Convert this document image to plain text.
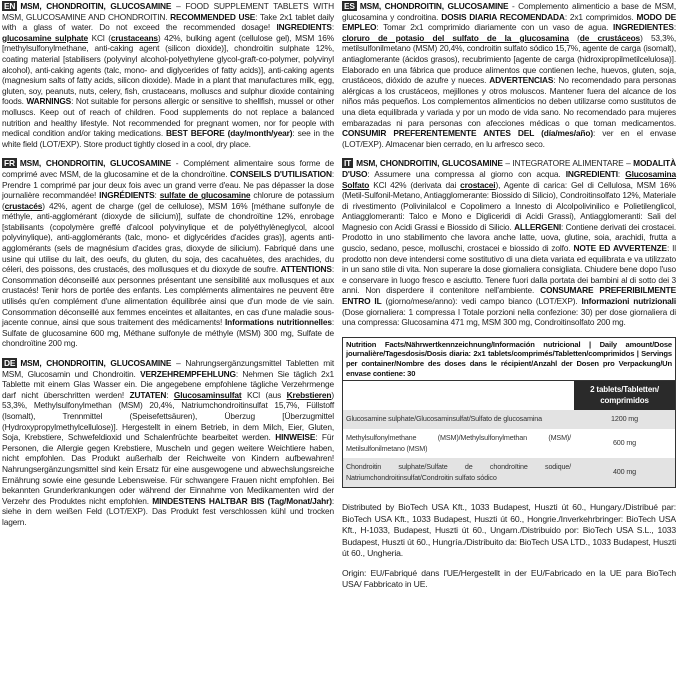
EN MSM, CHONDROITIN, GLUCOSAMINE – FOOD SUPPLEMENT TABLETS WITH MSM, GLUCOSAMINE AND CHONDROITIN. RECOMMENDED USE: Take 2x1 tablet daily with a glass of water. Do not exceed the recommended dosage! INGREDIENTS: glucosamine sulphate KCl (crustaceans) 42%, bulking agent (cellulose gel), MSM 16% [methylsulfonylmethane, anti-caking agent (silicon dioxide)], chondroitin sulphate 12%, coating material [stabilisers (polyvinyl alcohol-polyethylene glycol-graft-co-polymer, polyvinyl alcohol), anti-caking agents (talc, mono- and diglycerides of fatty acids)], anti-caking agents (magnesium salts of fatty acids, silicon dioxide). Made in a plant that manufactures milk, egg, gluten, soy, peanuts, nuts, celery, fish, crustaceans, molluscs and sulphur dioxide containing foods. WARNINGS: Not suitable for persons allergic or sensitive to shellfish, mussel or other molluscs. Keep out of reach of children. Food supplements do not replace a balanced nutrition and healthy lifestyle. Not recommended for pregnant women, nor for people with medical condition and/or taking medications. BEST BEFORE (day/month/year): see in the white field (LOT/EXP). Store product tightly closed in a cool, dry place.

FR MSM, CHONDROITIN, GLUCOSAMINE - Complément alimentaire sous forme de comprimé avec MSM, de la glucosamine et de la chondroïtine. CONSEILS D'UTILISATION: Prendre 1 comprimé par jour deux fois avec un grand verre d'eau. Ne pas dépasser la dose journalière recommandée! INGRÉDIENTS: sulfate de glucosamine chlorure de potassium (crustacés) 42%, agent de charge (gel de cellulose), MSM 16% [méthane sulfonyle de méthyle, anti-agglomérant (dioxyde de silicium)], sulfate de chondroïtine 12%, enrobage [stabilisants (copolymère greffé d'alcool polyvinylique et de polyéthylèneglycol, alcool polyvinylique), anti-agglomérants (talc, mono- et diglycérides d'acides gras)], agents anti-agglomérants (sels de magnésium d'acides gras, dioxyde de silicium). Fabriqué dans une usine qui utilise du lait, des oeufs, du gluten, du soja, des cacahuètes, des arachides, du céleri, des poissons, des crustacés, des mollusques et du dioxyde de soufre. ATTENTIONS: Consommation déconseillé aux personnes présentant une sensibilité aux mollusques et aux crustacés! Tenir hors de portée des enfants. Les compléments alimentaires ne peuvent être utilisés qu'en complément d'une alimentation équilibrée ainsi que d'un mode de vie sain. Consommation déconseillé aux femmes enceintes et allaitantes, en cas d'une maladie sous-jacente connue, ainsi que sous traitement des médicaments! Informations nutritionnelles: Sulfate de glucosamine 600 mg, Méthane sulfonyle de méthyle (MSM) 300 mg, Sulfate de chondroïtine 200 mg.

DE MSM, CHONDROITIN, GLUCOSAMINE – Nahrungsergänzungsmittel Tabletten mit MSM, Glucosamin und Chondroitin. VERZEHREMPFEHLUNG: Nehmen Sie täglich 2x1 Tablette mit einem Glas Wasser ein. Die angegebene empfohlene tägliche Verzehrmenge darf nicht überschritten werden! ZUTATEN: Glucosaminsulfat KCl (aus Krebstieren) 53,3%, Methylsulfonylmethan (MSM) 20,4%, Natriumchondroitinsulfat 15,7%, Füllstoff (Isomalt), Trennmittel (Speisefettsäuren), Überzug [Überzugmittel (Hydroxypropylmethylcellulose)]. Hergestellt in einem Betrieb, in dem Milch, Eier, Gluten, Soja, Krebstiere, Schwefeldioxid und Schalenfrüchte bearbeitet werden. HINWEISE: Für Personen, die Allergie gegen Krebstiere, Muscheln und gegen weitere Weichtiere haben, nicht empfohlen. Das Produkt außerhalb der Reichweite von Kindern aufbewahren! Nahrungsergänzungsmittel sind kein Ersatz für eine ausgewogene und abwechslungsreiche Ernährung sowie eine gesunde Lebensweise. Für schwangere Frauen nicht empfohlen. Bei bekannten Grunderkrankungen oder während der Einnahme von Medikamenten wird der Verzehr des Produktes nicht empfohlen. MINDESTENS HALTBAR BIS (Tag/Monat/Jahr): siehe in dem weißen Feld (LOT/EXP). Das Produkt fest verschlossen kühl und trocken lagern.

ES MSM, CHONDROITIN, GLUCOSAMINE - Complemento alimenticio a base de MSM, glucosamina y condroitina. DOSIS DIARIA RECOMENDADA: 2x1 comprimidos. MODO DE EMPLEO: Tomar 2x1 comprimido diariamente con un vaso de agua. INGREDIENTES: cloruro de potasio del sulfato de la glucosamina (de crustáceos) 53,3%, metilsulfonilmetano (MSM) 20,4%, condroitin sulfato sódico 15,7%, agente de carga (isomalt), antiaglomerante (ácidos grasos), recubrimiento [agente de carga (hidroxipropilmetilcelulosa)]. Elaborado en una fábrica que produce alimentos que contienen leche, huevos, gluten, soja, crustáceos, dióxido de azufre y nueces. ADVERTENCIAS: No recomendado para personas alérgicas a los crustáceos, mejillones y otros moluscos. Mantener fuera del alcance de los niños más pequeños. Los complementos alimenticios no deben utilizarse como sustitutos de una dieta equilibrada y variada y por un modo de vida sano. No recomendado para mujeres embarazadas ni para personas con afecciones médicas o que toman medicamentos. CONSUMIR PREFERENTEMENTE ANTES DEL (día/mes/año): ver en el envase (LOT/EXP). Almacenar bien cerrado, en lu arfresco seco.

IT MSM, CHONDROITIN, GLUCOSAMINE – INTEGRATORE ALIMENTARE – MODALITÀ D'USO: Assumere una compressa al giorno con acqua. INGREDIENTI: Glucosamina Solfato KCl 42% (derivata dai crostacei), Agente di carica: Gel di Cellulosa, MSM 16% (Metil-Sulfonil-Metano, Antiagglomerante: Biossido di Silicio), Condroitinsolfato 12%, Materiale di rivestimento (Polivinilalcol e Copolimero a Innesto di Alcolpolivinilico e Polietilenglicol, Antiagglomeranti: Talco e Mono e Digliceridi di Acidi Grassi), Antiagglomeranti: Sali del Magnesio con Acidi Grassi e Biossido di Silicio. ALLERGENI: Contiene derivati dei crostacei. Prodotto in uno stabilimento che lavora anche latte, uova, glutine, soia, arachidi, frutta a guscio, sedano, pesce, molluschi, crostacei e biossido di zolfo. NOTE ED AVVERTENZE: Il prodotto non deve intendersi come sostitutivo di una dieta variata ed equilibrata e va utilizzato in un sano stile di vita. Non superare la dose giornaliera consigliata. Chiudere bene dopo l'uso e conservare in luogo fresco e asciutto. Tenere fuori dalla portata dei bambini al di sotto dei 3 anni. Non disperdere il contenitore nell'ambiente. CONSUMARE PREFERIBILMENTE ENTRO IL (giorno/mese/anno): vedi campo bianco (LOT/EXP). Informazioni nutrizionali (Dose giornaliera: 1 compressa I Totale porzioni nella confezione: 30) per dose giornaliera di una compressa: Glucosamina 471 mg, MSM 300 mg, Condroitinsolfato 200 mg.

Nutrition Facts/Nährwertkennzeichnung/Información nutricional | Daily amount/Dose journalière/Tagesdosis/Dosis diaria: 2x1 tablets/comprimés/Tabletten/comprimidos | Servings per container/Nombre des doses dans le récipient/Anzahl der Dosen pro Verpackung/Un envase contiene: 30
	2 tablets/Tabletten/ comprimidos
Glucosamine sulphate/Glucosaminsulfat/Sulfato de glucosamina	1200 mg
Methylsulfonylmethane (MSM)/Methylsulfonylmethan (MSM)/ Metilsulfonilmetano (MSM)	600 mg
Chondroitin sulphate/Sulfate de chondroïtine sodique/ Natriumchondroitinsulfat/Condroitin sulfato sódico	400 mg

Distributed by BioTech USA Kft., 1033 Budapest, Huszti út 60., Hungary./Distribué par: BioTech USA Kft., 1033 Budapest, Huszti út 60., Hongrie./Inverkehrbringer: BioTech USA Kft., H-1033, Budapest, Huszti út 60., Ungarn./Distribuido por: BioTech USA S.L., 1033 Budapest, Huszti út 60., Hungría./Distribuito da: BioTech USA LTD., 1033 Budapest, Huszti út 60., Ungheria.

Origin: EU/Fabriqué dans l'UE/Hergestellt in der EU/Fabricado en la UE para BioTech USA/ Fabbricato in UE.
